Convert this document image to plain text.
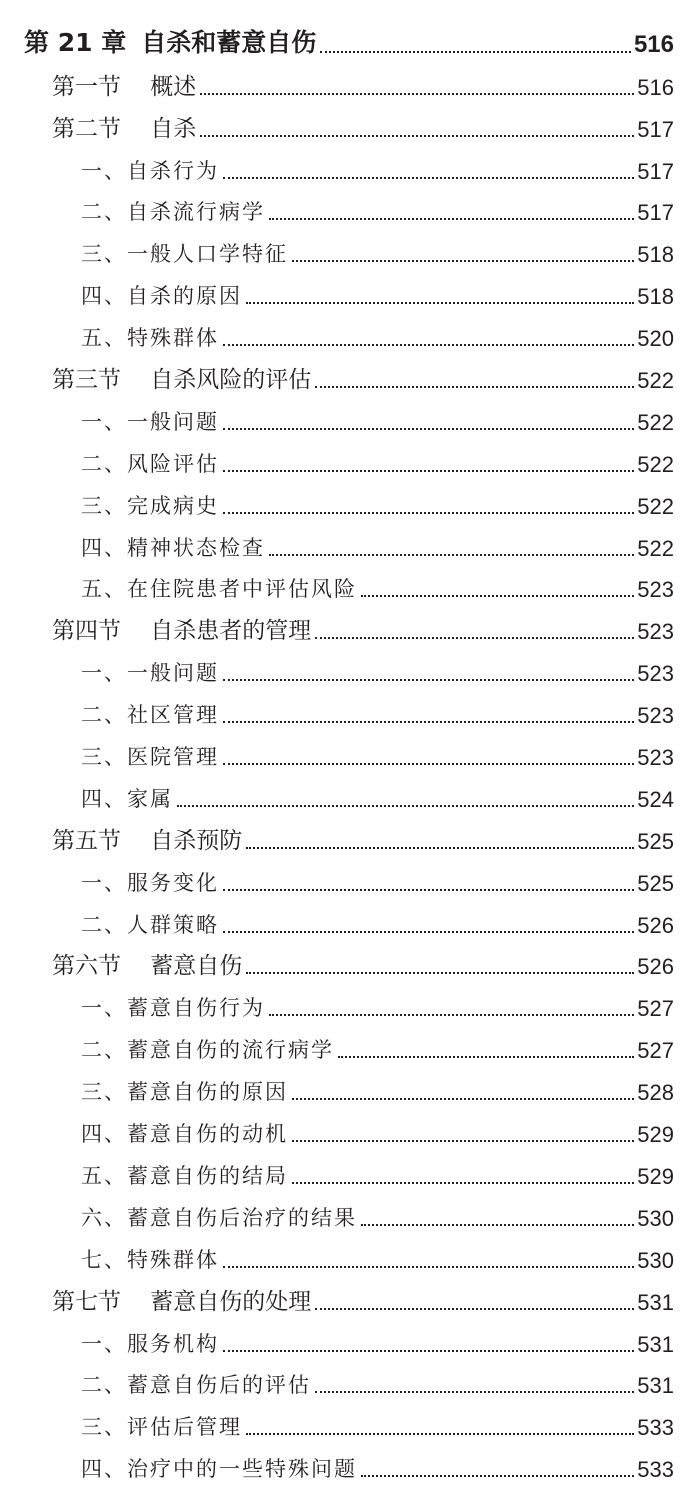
第 21 章 自杀和蓄意自伤	516
第一节    概述	516
第二节    自杀	517
一、自杀行为	517
二、自杀流行病学	517
三、一般人口学特征	518
四、自杀的原因	518
五、特殊群体	520
第三节    自杀风险的评估	522
一、一般问题	522
二、风险评估	522
三、完成病史	522
四、精神状态检查	522
五、在住院患者中评估风险	523
第四节    自杀患者的管理	523
一、一般问题	523
二、社区管理	523
三、医院管理	523
四、家属	524
第五节    自杀预防	525
一、服务变化	525
二、人群策略	526
第六节    蓄意自伤	526
一、蓄意自伤行为	527
二、蓄意自伤的流行病学	527
三、蓄意自伤的原因	528
四、蓄意自伤的动机	529
五、蓄意自伤的结局	529
六、蓄意自伤后治疗的结果	530
七、特殊群体	530
第七节    蓄意自伤的处理	531
一、服务机构	531
二、蓄意自伤后的评估	531
三、评估后管理	533
四、治疗中的一些特殊问题	533
